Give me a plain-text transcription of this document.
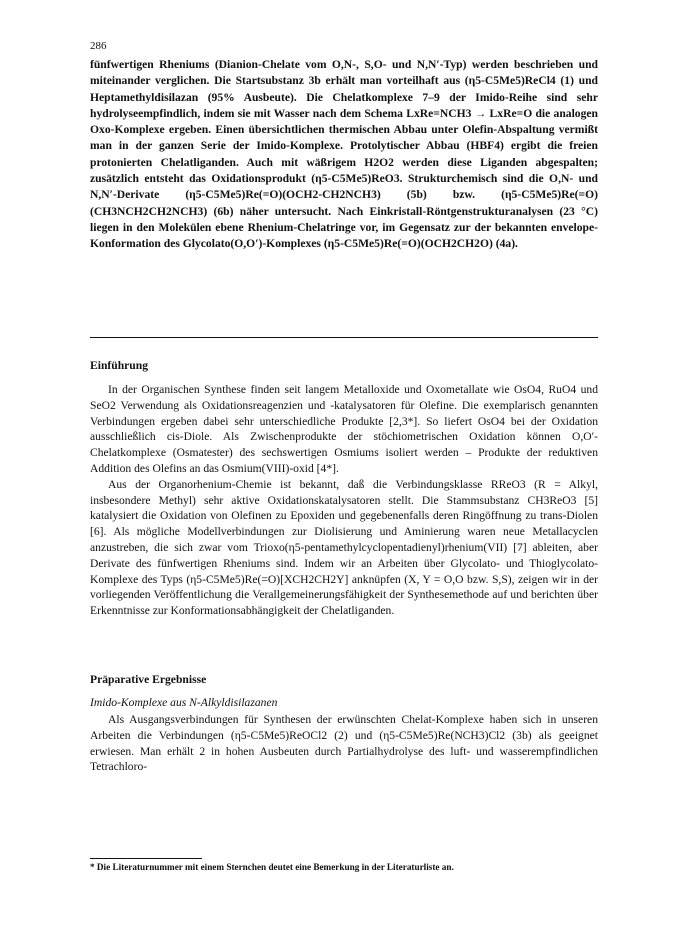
286

fünfwertigen Rheniums (Dianion-Chelate vom O,N-, S,O- und N,N′-Typ) werden beschrieben und miteinander verglichen. Die Startsubstanz 3b erhält man vorteilhaft aus (η5-C5Me5)ReCl4 (1) und Heptamethyldisilazan (95% Ausbeute). Die Chelatkomplexe 7–9 der Imido-Reihe sind sehr hydrolyseempfindlich, indem sie mit Wasser nach dem Schema LxRe=NCH3 → LxRe=O die analogen Oxo-Komplexe ergeben. Einen übersichtlichen thermischen Abbau unter Olefin-Abspaltung vermißt man in der ganzen Serie der Imido-Komplexe. Protolytischer Abbau (HBF4) ergibt die freien protonierten Chelatliganden. Auch mit wäßrigem H2O2 werden diese Liganden abgespalten; zusätzlich entsteht das Oxidationsprodukt (η5-C5Me5)ReO3. Strukturchemisch sind die O,N- und N,N′-Derivate (η5-C5Me5)Re(=O)(OCH2-CH2NCH3) (5b) bzw. (η5-C5Me5)Re(=O)(CH3NCH2CH2NCH3) (6b) näher untersucht. Nach Einkristall-Röntgenstrukturanalysen (23 °C) liegen in den Molekülen ebene Rhenium-Chelatringe vor, im Gegensatz zur der bekannten envelope-Konformation des Glycolato(O,O′)-Komplexes (η5-C5Me5)Re(=O)(OCH2CH2O) (4a).

Einführung

In der Organischen Synthese finden seit langem Metalloxide und Oxometallate wie OsO4, RuO4 und SeO2 Verwendung als Oxidationsreagenzien und -katalysatoren für Olefine. Die exemplarisch genannten Verbindungen ergeben dabei sehr unterschiedliche Produkte [2,3*]. So liefert OsO4 bei der Oxidation ausschließlich cis-Diole. Als Zwischenprodukte der stöchiometrischen Oxidation können O,O′-Chelatkomplexe (Osmatester) des sechswertigen Osmiums isoliert werden – Produkte der reduktiven Addition des Olefins an das Osmium(VIII)-oxid [4*].

Aus der Organorhenium-Chemie ist bekannt, daß die Verbindungsklasse RReO3 (R = Alkyl, insbesondere Methyl) sehr aktive Oxidationskatalysatoren stellt. Die Stammsubstanz CH3ReO3 [5] katalysiert die Oxidation von Olefinen zu Epoxiden und gegebenenfalls deren Ringöffnung zu trans-Diolen [6]. Als mögliche Modellverbindungen zur Diolisierung und Aminierung waren neue Metallacyclen anzustreben, die sich zwar vom Trioxo(η5-pentamethylcyclopentadienyl)rhenium(VII) [7] ableiten, aber Derivate des fünfwertigen Rheniums sind. Indem wir an Arbeiten über Glycolato- und Thioglycolato-Komplexe des Typs (η5-C5Me5)Re(=O)[XCH2CH2Y] anknüpfen (X, Y = O,O bzw. S,S), zeigen wir in der vorliegenden Veröffentlichung die Verallgemeinerungsfähigkeit der Synthesemethode auf und berichten über Erkenntnisse zur Konformationsabhängigkeit der Chelatliganden.

Präparative Ergebnisse
Imido-Komplexe aus N-Alkyldisilazanen

Als Ausgangsverbindungen für Synthesen der erwünschten Chelat-Komplexe haben sich in unseren Arbeiten die Verbindungen (η5-C5Me5)ReOCl2 (2) und (η5-C5Me5)Re(NCH3)Cl2 (3b) als geeignet erwiesen. Man erhält 2 in hohen Ausbeuten durch Partialhydrolyse des luft- und wasserempfindlichen Tetrachloro-

* Die Literaturnummer mit einem Sternchen deutet eine Bemerkung in der Literaturliste an.
